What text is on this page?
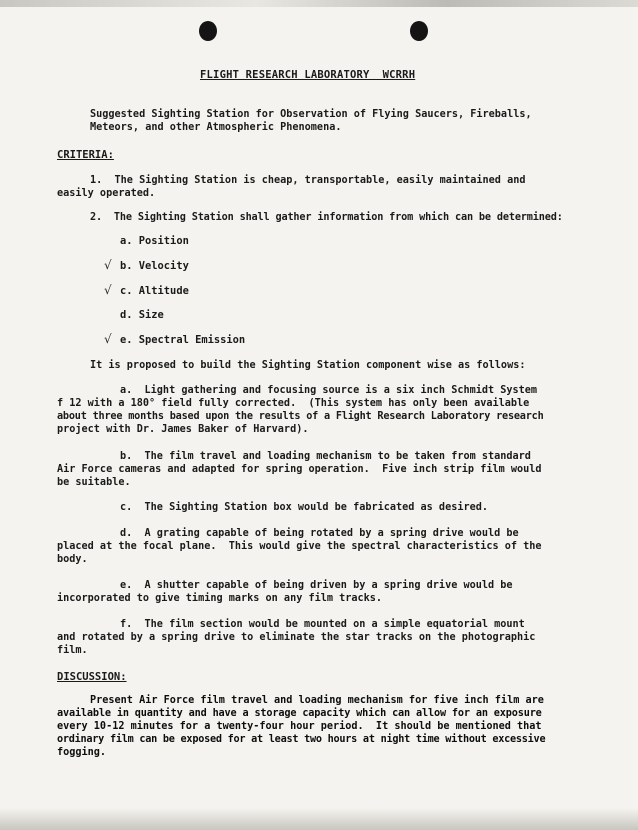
FLIGHT RESEARCH LABORATORY  WCRRH
Suggested Sighting Station for Observation of Flying Saucers, Fireballs,
Meteors, and other Atmospheric Phenomena.
CRITERIA:
1.  The Sighting Station is cheap, transportable, easily maintained and
easily operated.
2.  The Sighting Station shall gather information from which can be determined:
a. Position
√ b. Velocity
√ c. Altitude
d. Size
√ e. Spectral Emission
It is proposed to build the Sighting Station component wise as follows:
a.  Light gathering and focusing source is a six inch Schmidt System
f 12 with a 180° field fully corrected.  (This system has only been available
about three months based upon the results of a Flight Research Laboratory research
project with Dr. James Baker of Harvard).
b.  The film travel and loading mechanism to be taken from standard
Air Force cameras and adapted for spring operation.  Five inch strip film would
be suitable.
c.  The Sighting Station box would be fabricated as desired.
d.  A grating capable of being rotated by a spring drive would be
placed at the focal plane.  This would give the spectral characteristics of the
body.
e.  A shutter capable of being driven by a spring drive would be
incorporated to give timing marks on any film tracks.
f.  The film section would be mounted on a simple equatorial mount
and rotated by a spring drive to eliminate the star tracks on the photographic
film.
DISCUSSION:
Present Air Force film travel and loading mechanism for five inch film are
available in quantity and have a storage capacity which can allow for an exposure
every 10-12 minutes for a twenty-four hour period.  It should be mentioned that
ordinary film can be exposed for at least two hours at night time without excessive
fogging.
